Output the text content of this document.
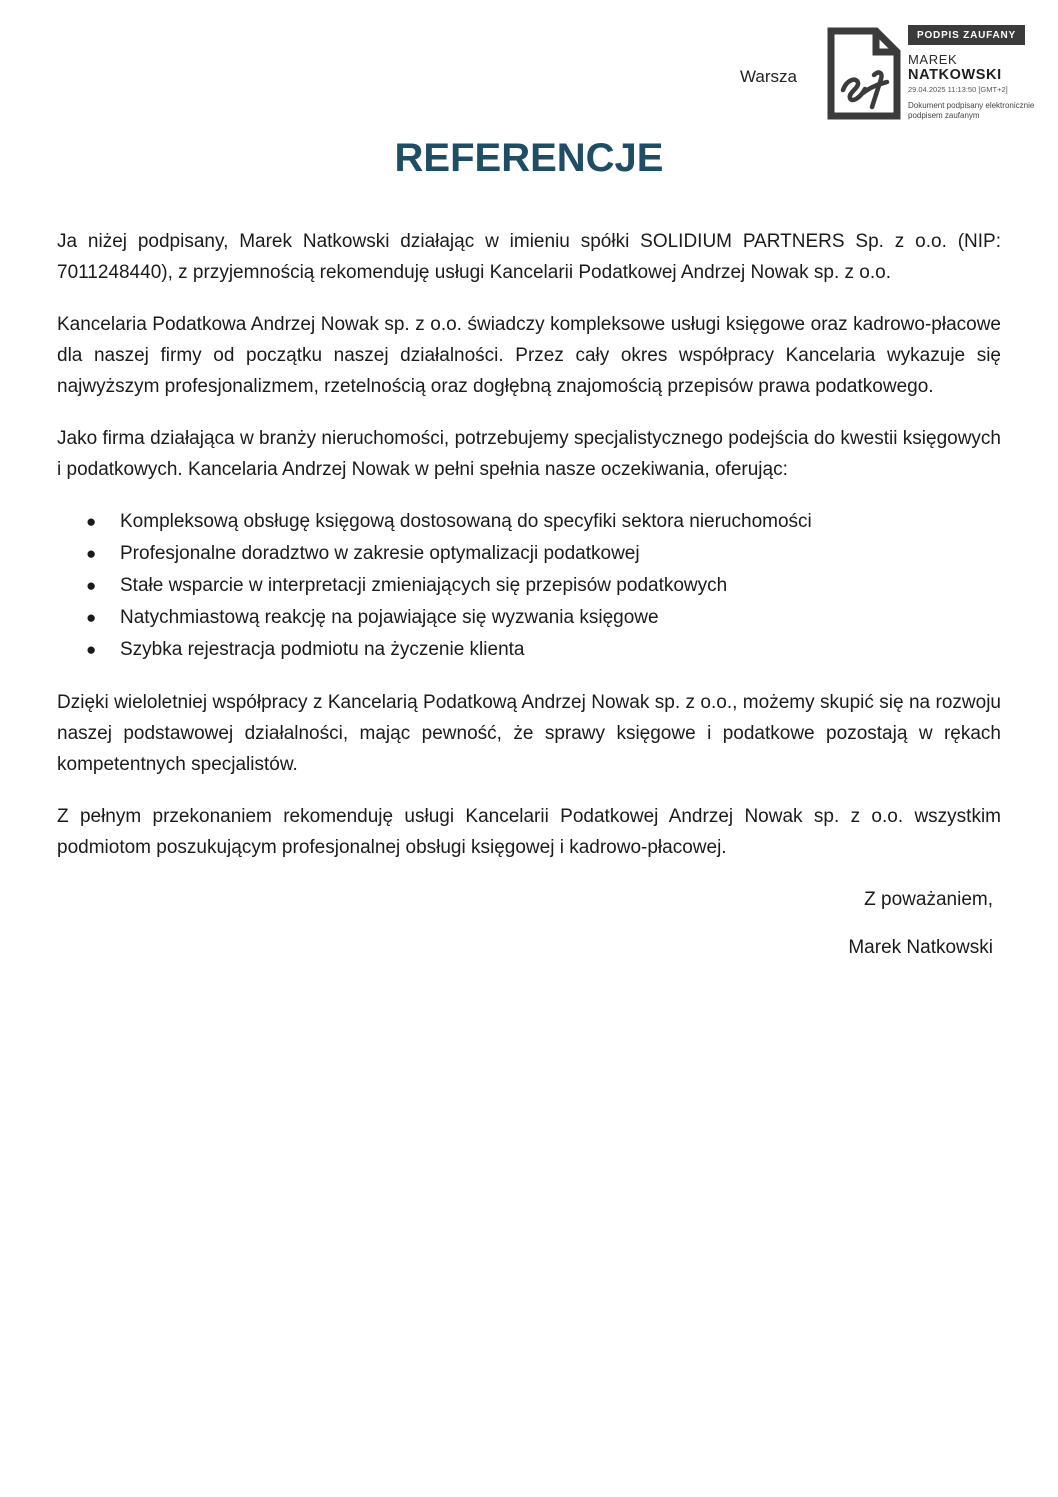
Warsza
PODPIS ZAUFANY
MAREK
NATKOWSKI
29.04.2025 11:13:50 [GMT+2]
Dokument podpisany elektronicznie
podpisem zaufanym
REFERENCJE

Ja niżej podpisany, Marek Natkowski działając w imieniu spółki SOLIDIUM PARTNERS Sp. z o.o. (NIP: 7011248440), z przyjemnością rekomenduję usługi Kancelarii Podatkowej Andrzej Nowak sp. z o.o.

Kancelaria Podatkowa Andrzej Nowak sp. z o.o. świadczy kompleksowe usługi księgowe oraz kadrowo-płacowe dla naszej firmy od początku naszej działalności. Przez cały okres współpracy Kancelaria wykazuje się najwyższym profesjonalizmem, rzetelnością oraz dogłębną znajomością przepisów prawa podatkowego.

Jako firma działająca w branży nieruchomości, potrzebujemy specjalistycznego podejścia do kwestii księgowych i podatkowych. Kancelaria Andrzej Nowak w pełni spełnia nasze oczekiwania, oferując:

● Kompleksową obsługę księgową dostosowaną do specyfiki sektora nieruchomości
● Profesjonalne doradztwo w zakresie optymalizacji podatkowej
● Stałe wsparcie w interpretacji zmieniających się przepisów podatkowych
● Natychmiastową reakcję na pojawiające się wyzwania księgowe
● Szybka rejestracja podmiotu na życzenie klienta

Dzięki wieloletniej współpracy z Kancelarią Podatkową Andrzej Nowak sp. z o.o., możemy skupić się na rozwoju naszej podstawowej działalności, mając pewność, że sprawy księgowe i podatkowe pozostają w rękach kompetentnych specjalistów.

Z pełnym przekonaniem rekomenduję usługi Kancelarii Podatkowej Andrzej Nowak sp. z o.o. wszystkim podmiotom poszukującym profesjonalnej obsługi księgowej i kadrowo-płacowej.

Z poważaniem,
Marek Natkowski
